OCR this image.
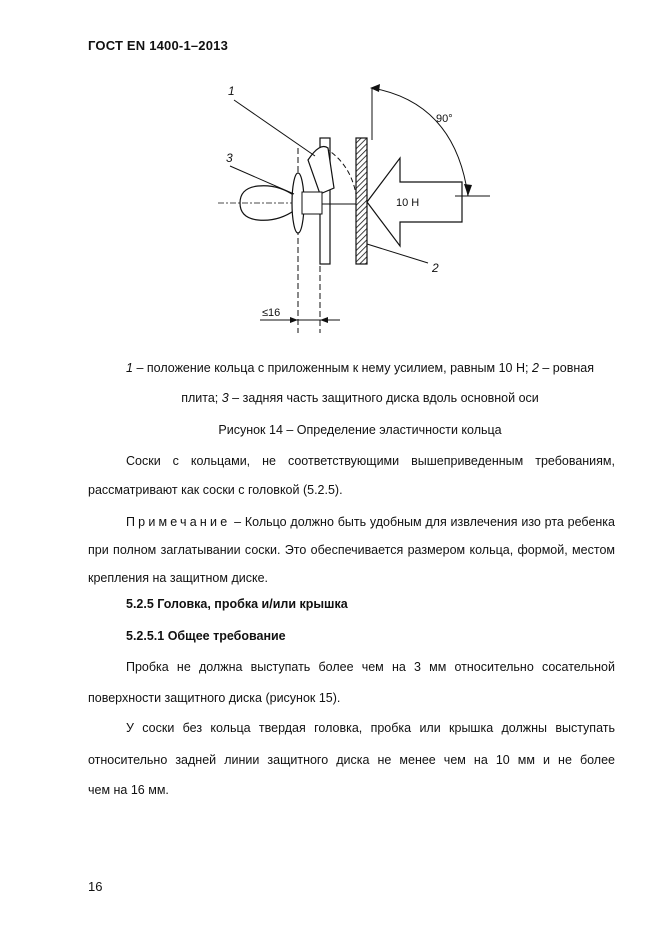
ГОСТ EN 1400-1–2013
1
3
2
90°
10 Н
≤16
1 – положение кольца с приложенным к нему усилием, равным 10 Н; 2 – ровная
плита; 3 – задняя часть защитного диска вдоль основной оси
Рисунок 14 – Определение эластичности кольца
Соски с кольцами, не соответствующими вышеприведенным требованиям,
рассматривают как соски с головкой (5.2.5).
Примечание – Кольцо должно быть удобным для извлечения изо рта ребенка
при полном заглатывании соски. Это обеспечивается размером кольца, формой, местом
крепления на защитном диске.
5.2.5 Головка, пробка и/или крышка
5.2.5.1 Общее требование
Пробка не должна выступать более чем на 3 мм относительно сосательной
поверхности защитного диска (рисунок 15).
У соски без кольца твердая головка, пробка или крышка должны выступать
относительно задней линии защитного диска не менее чем на 10 мм и не более
чем на 16 мм.
16
